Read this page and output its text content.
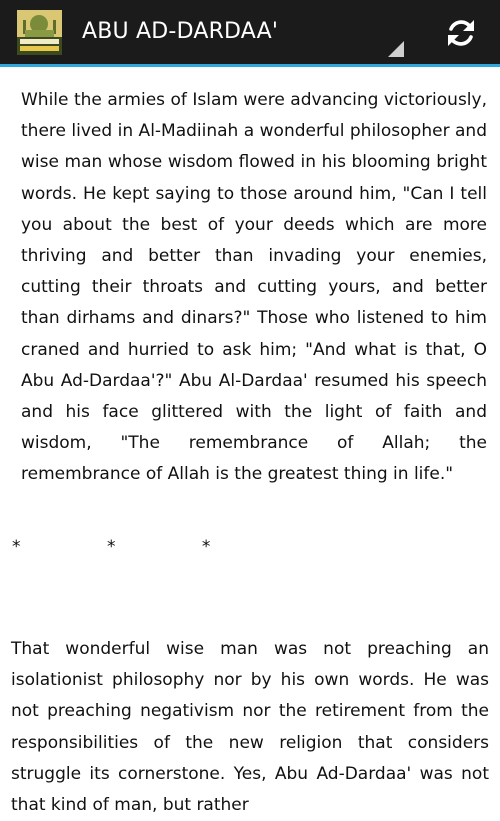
ABU AD-DARDAA'

While the armies of Islam were advancing victoriously, there lived in Al-Madiinah a wonderful philosopher and wise man whose wisdom flowed in his blooming bright words. He kept saying to those around him, "Can I tell you about the best of your deeds which are more thriving and better than invading your enemies, cutting their throats and cutting yours, and better than dirhams and dinars?" Those who listened to him craned and hurried to ask him; "And what is that, O Abu Ad-Dardaa'?" Abu Al-Dardaa' resumed his speech and his face glittered with the light of faith and wisdom, "The remembrance of Allah; the remembrance of Allah is the greatest thing in life."

*                *                *

That wonderful wise man was not preaching an isolationist philosophy nor by his own words. He was not preaching negativism nor the retirement from the responsibilities of the new religion that considers struggle its cornerstone. Yes, Abu Ad-Dardaa' was not that kind of man, but rather
